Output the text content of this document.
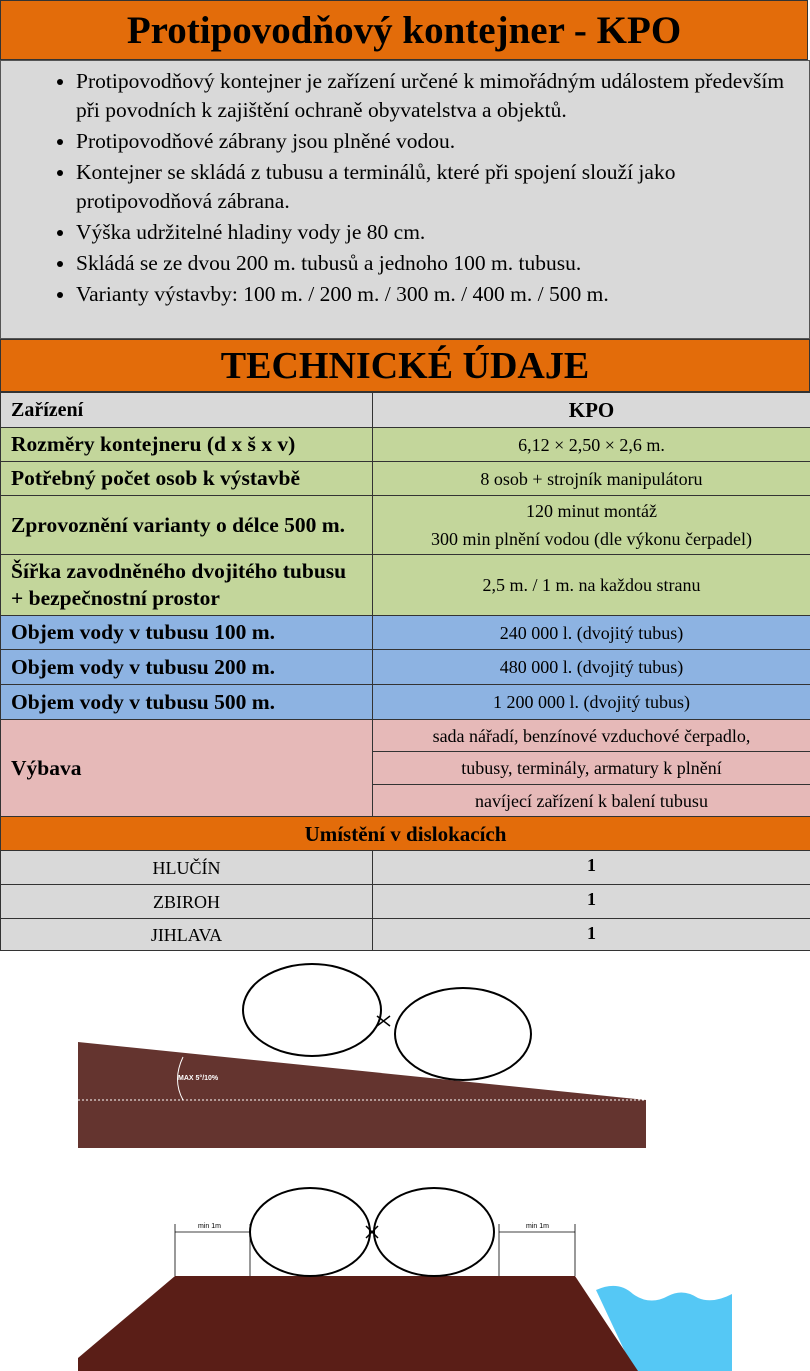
Protipovodňový kontejner - KPO
• Protipovodňový kontejner je zařízení určené k mimořádným událostem především při povodních k zajištění ochraně obyvatelstva a objektů.
• Protipovodňové zábrany jsou plněné vodou.
• Kontejner se skládá z tubusu a terminálů, které při spojení slouží jako protipovodňová zábrana.
• Výška udržitelné hladiny vody je 80 cm.
• Skládá se ze dvou 200 m. tubusů a jednoho 100 m. tubusu.
• Varianty výstavby: 100 m. / 200 m. / 300 m. / 400 m. / 500 m.
TECHNICKÉ ÚDAJE
Zařízení	KPO
Rozměry kontejneru (d x š x v)	6,12 × 2,50 × 2,6 m.
Potřebný počet osob k výstavbě	8 osob + strojník manipulátoru
Zprovoznění varianty o délce 500 m.	120 minut montáž
300 min plnění vodou (dle výkonu čerpadel)

Šířka zavodněného dvojitého tubusu + bezpečnostní prostor	2,5 m. / 1 m. na každou stranu
Objem vody v tubusu 100 m.	240 000 l. (dvojitý tubus)
Objem vody v tubusu 200 m.	480 000 l. (dvojitý tubus)
Objem vody v tubusu 500 m.	1 200 000 l. (dvojitý tubus)
Výbava	sada nářadí, benzínové vzduchové čerpadlo,
	tubusy, terminály, armatury k plnění
	navíjecí zařízení k balení tubusu
Umístění v dislokacích	
HLUČÍN	1
ZBIROH	1
JIHLAVA	1
MAX 5°/10%
min 1m	min 1m
